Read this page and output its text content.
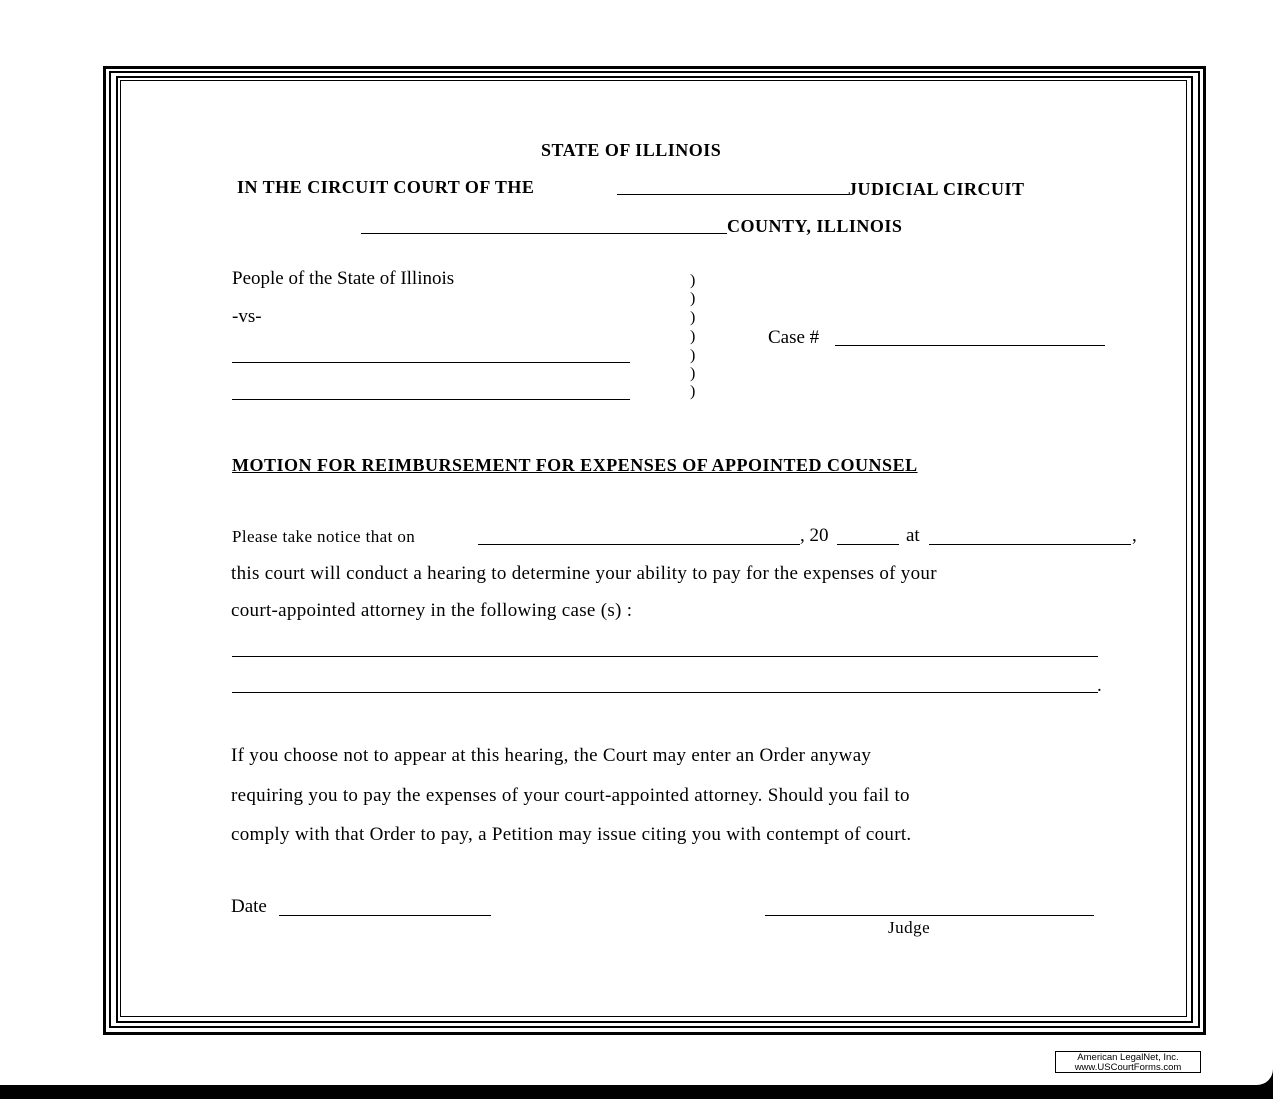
STATE OF ILLINOIS
IN THE CIRCUIT COURT OF THE	JUDICIAL CIRCUIT
COUNTY, ILLINOIS
People of the State of Illinois
-vs-
)
)
)
)
)
)
)
Case #
MOTION FOR REIMBURSEMENT FOR EXPENSES OF APPOINTED COUNSEL
Please take notice that on	, 20	at	,
this court will conduct a hearing to determine your ability to pay for the expenses of your
court-appointed attorney in the following case (s) :
.
If you choose not to appear at this hearing, the Court may enter an Order anyway
requiring you to pay the expenses of your court-appointed attorney. Should you fail to
comply with that Order to pay, a Petition may issue citing you with contempt of court.
Date
Judge
American LegalNet, Inc.
www.USCourtForms.com
